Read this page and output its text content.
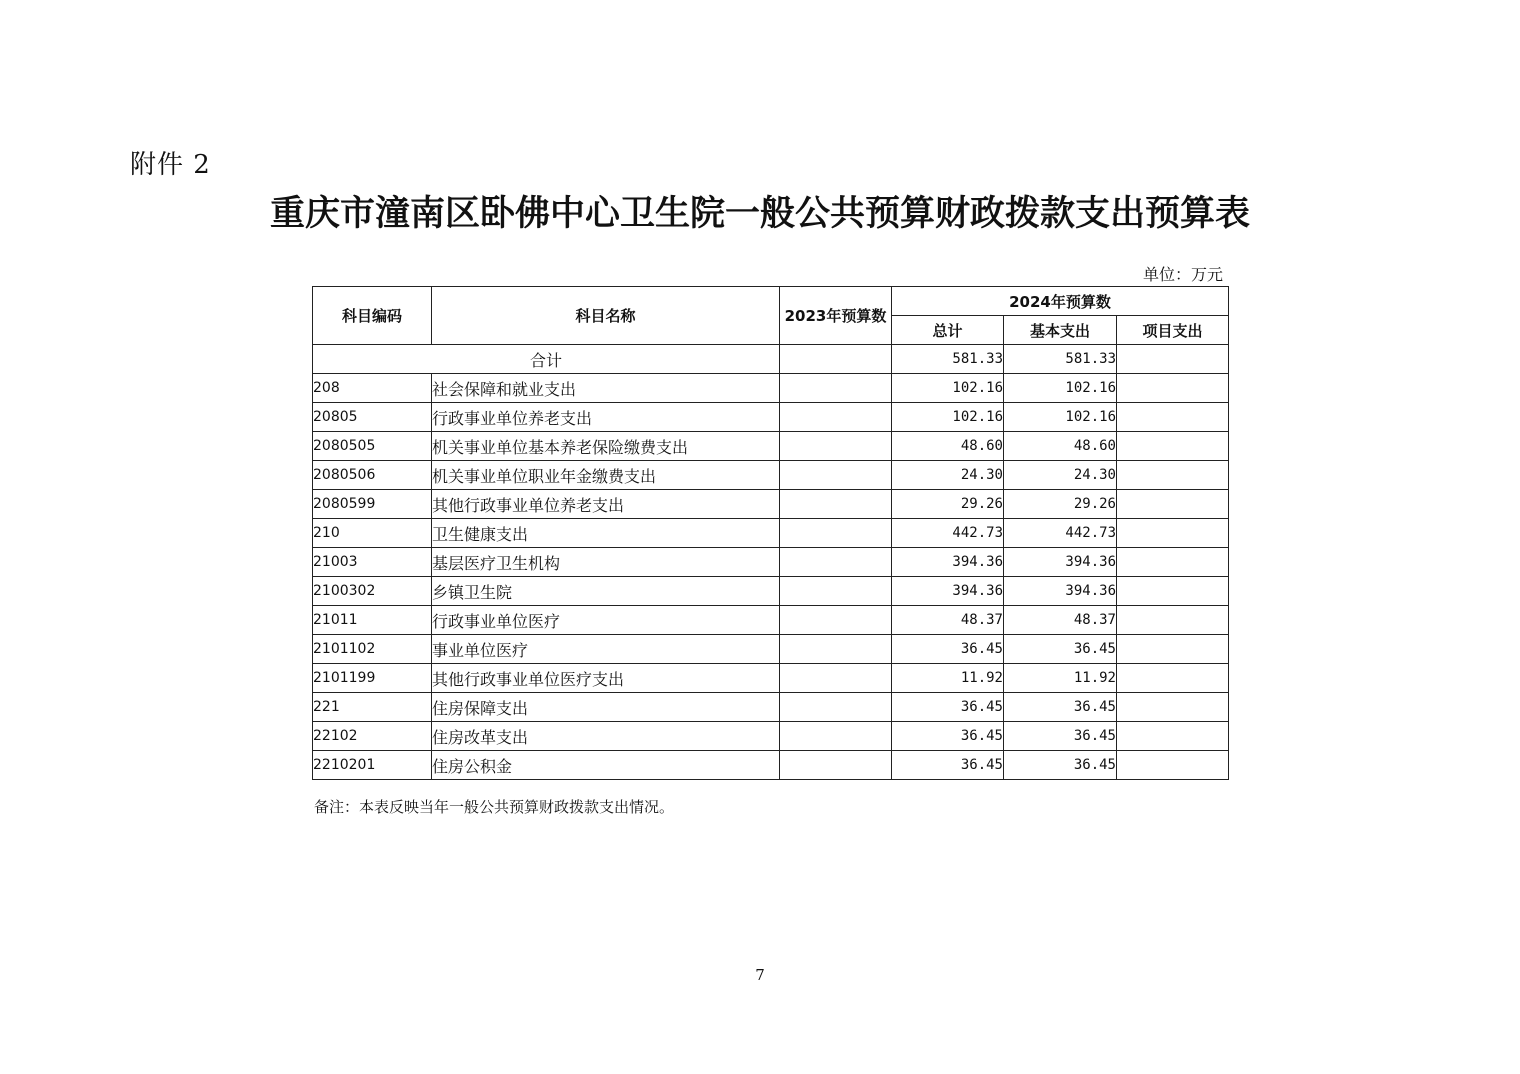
附件 2
重庆市潼南区卧佛中心卫生院一般公共预算财政拨款支出预算表
单位：万元
科目编码	科目名称	2023年预算数	2024年预算数		
			总计	基本支出	项目支出
合计			581.33	581.33	
208	社会保障和就业支出		102.16	102.16	
20805	行政事业单位养老支出		102.16	102.16	
2080505	机关事业单位基本养老保险缴费支出		48.60	48.60	
2080506	机关事业单位职业年金缴费支出		24.30	24.30	
2080599	其他行政事业单位养老支出		29.26	29.26	
210	卫生健康支出		442.73	442.73	
21003	基层医疗卫生机构		394.36	394.36	
2100302	乡镇卫生院		394.36	394.36	
21011	行政事业单位医疗		48.37	48.37	
2101102	事业单位医疗		36.45	36.45	
2101199	其他行政事业单位医疗支出		11.92	11.92	
221	住房保障支出		36.45	36.45	
22102	住房改革支出		36.45	36.45	
2210201	住房公积金		36.45	36.45	
备注：本表反映当年一般公共预算财政拨款支出情况。
7
